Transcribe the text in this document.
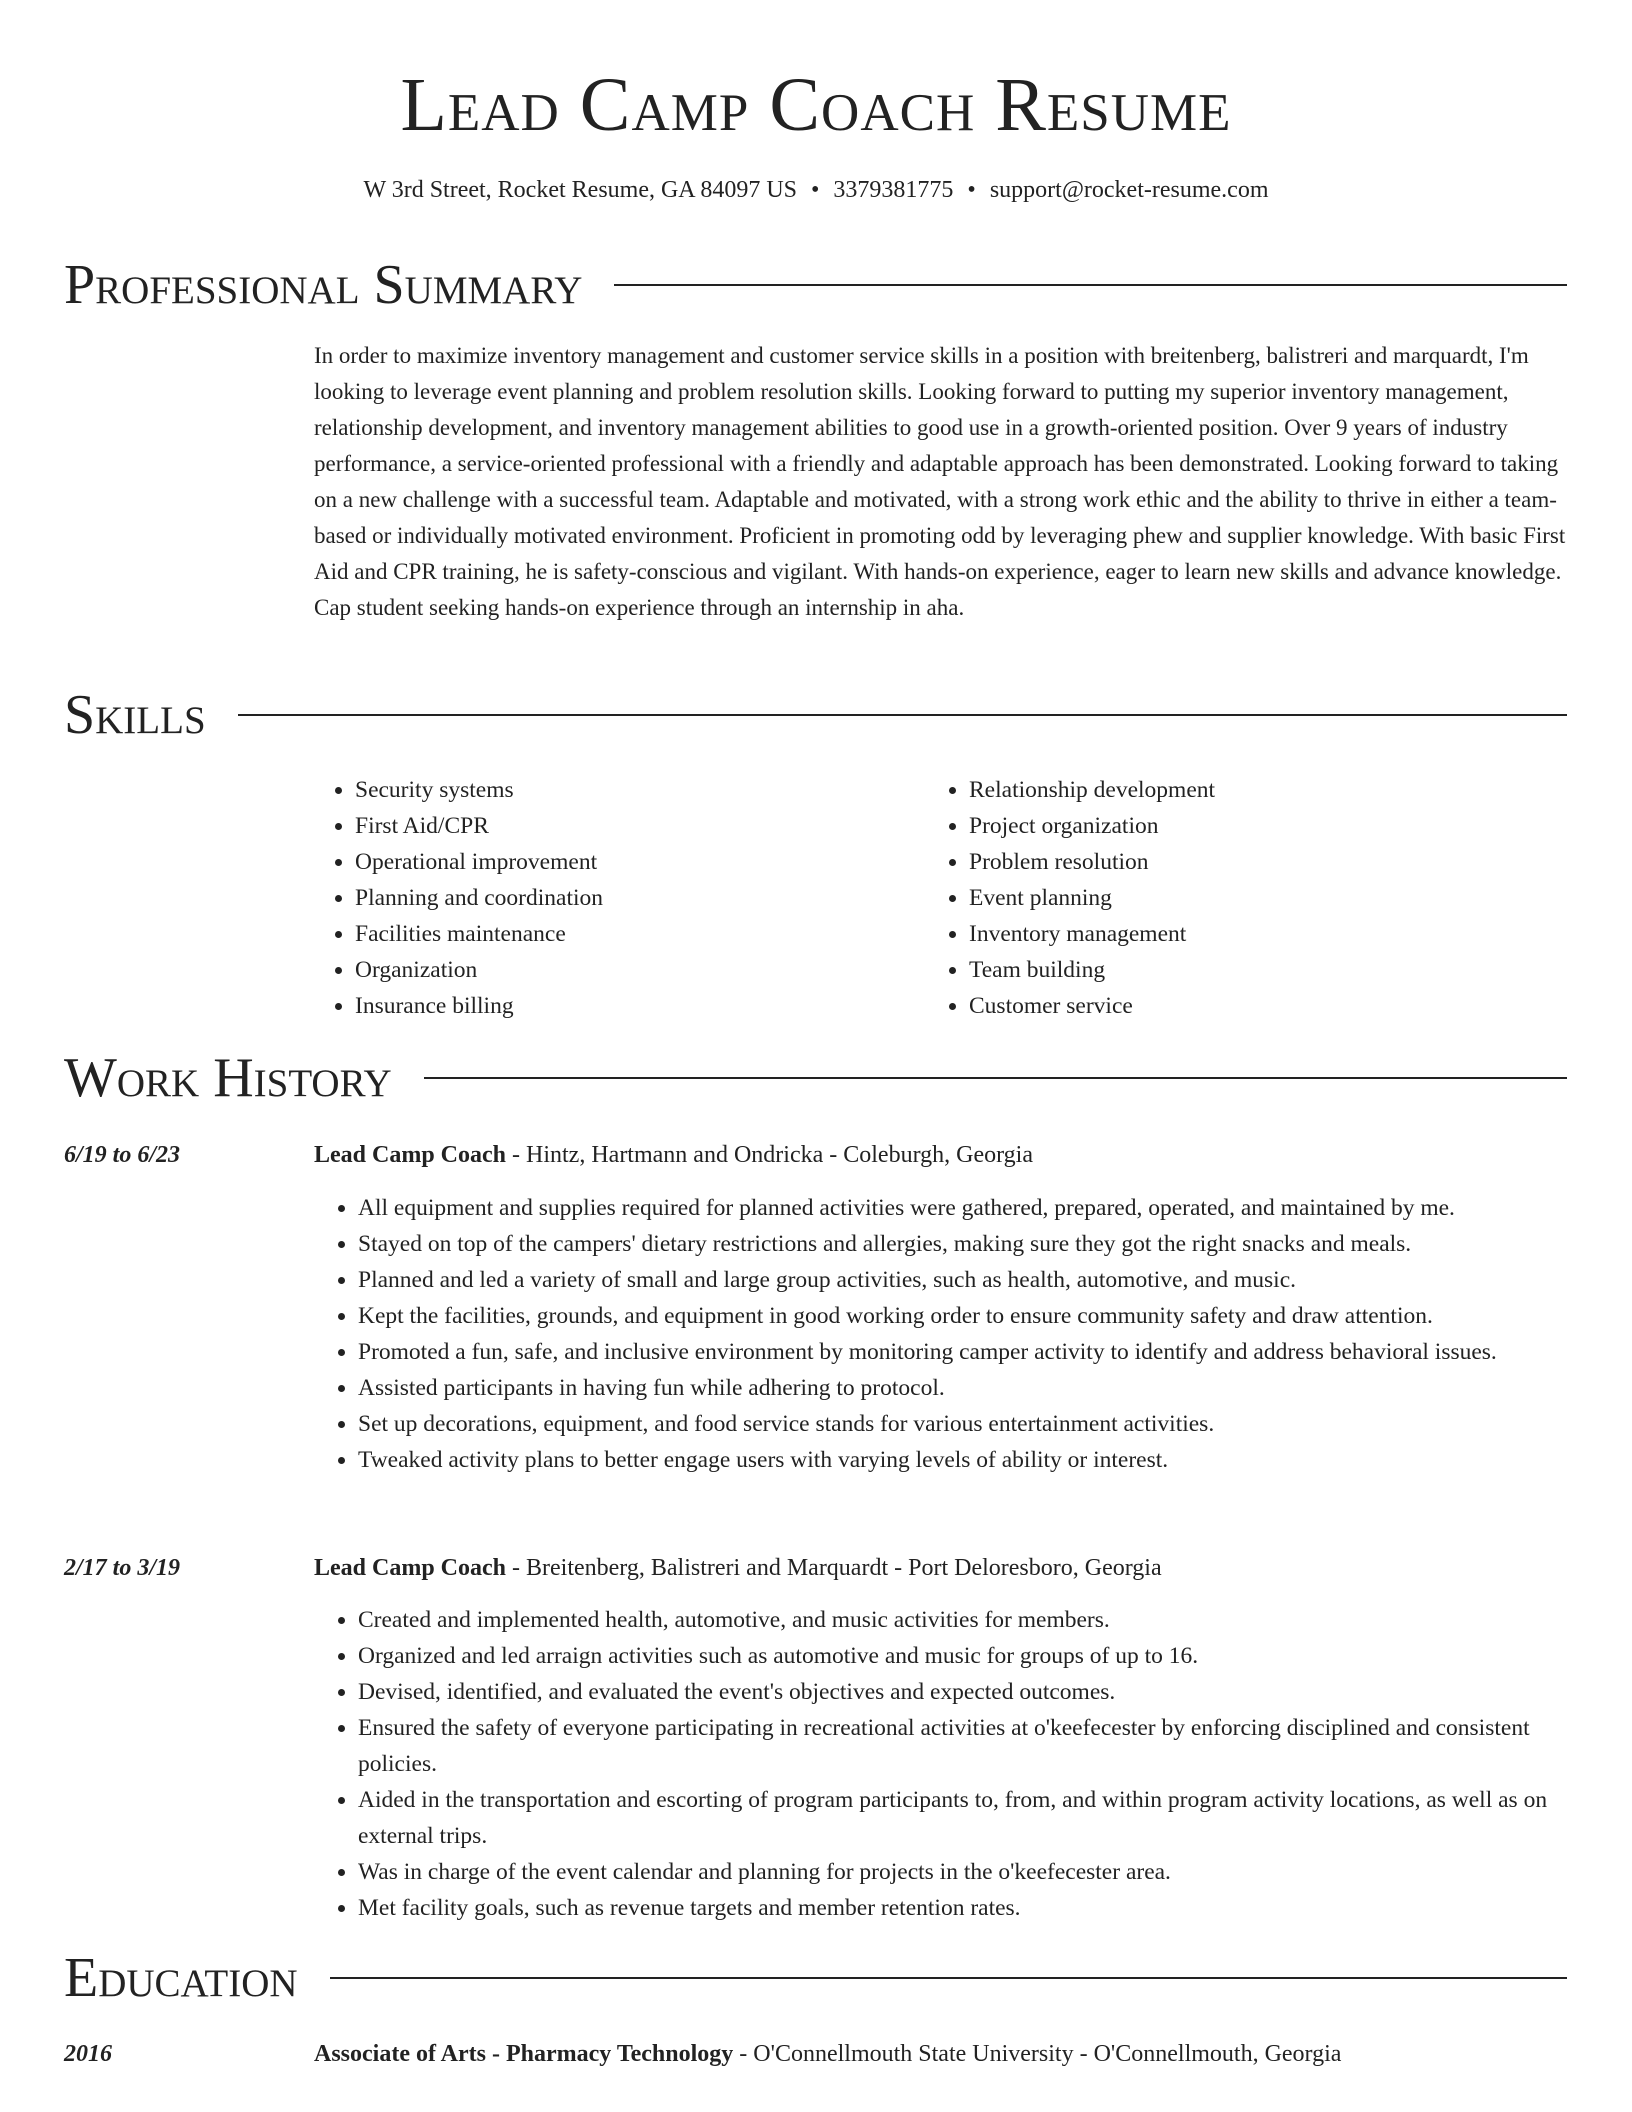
Lead Camp Coach Resume
W 3rd Street, Rocket Resume, GA 84097 US • 3379381775 • support@rocket-resume.com
Professional Summary
In order to maximize inventory management and customer service skills in a position with breitenberg, balistreri and marquardt, I'm looking to leverage event planning and problem resolution skills. Looking forward to putting my superior inventory management, relationship development, and inventory management abilities to good use in a growth-oriented position. Over 9 years of industry performance, a service-oriented professional with a friendly and adaptable approach has been demonstrated. Looking forward to taking on a new challenge with a successful team. Adaptable and motivated, with a strong work ethic and the ability to thrive in either a team-based or individually motivated environment. Proficient in promoting odd by leveraging phew and supplier knowledge. With basic First Aid and CPR training, he is safety-conscious and vigilant. With hands-on experience, eager to learn new skills and advance knowledge. Cap student seeking hands-on experience through an internship in aha.
Skills
• Security systems
• First Aid/CPR
• Operational improvement
• Planning and coordination
• Facilities maintenance
• Organization
• Insurance billing
• Relationship development
• Project organization
• Problem resolution
• Event planning
• Inventory management
• Team building
• Customer service
Work History
6/19 to 6/23	Lead Camp Coach - Hintz, Hartmann and Ondricka - Coleburgh, Georgia
• All equipment and supplies required for planned activities were gathered, prepared, operated, and maintained by me.
• Stayed on top of the campers' dietary restrictions and allergies, making sure they got the right snacks and meals.
• Planned and led a variety of small and large group activities, such as health, automotive, and music.
• Kept the facilities, grounds, and equipment in good working order to ensure community safety and draw attention.
• Promoted a fun, safe, and inclusive environment by monitoring camper activity to identify and address behavioral issues.
• Assisted participants in having fun while adhering to protocol.
• Set up decorations, equipment, and food service stands for various entertainment activities.
• Tweaked activity plans to better engage users with varying levels of ability or interest.
2/17 to 3/19	Lead Camp Coach - Breitenberg, Balistreri and Marquardt - Port Deloresboro, Georgia
• Created and implemented health, automotive, and music activities for members.
• Organized and led arraign activities such as automotive and music for groups of up to 16.
• Devised, identified, and evaluated the event's objectives and expected outcomes.
• Ensured the safety of everyone participating in recreational activities at o'keefecester by enforcing disciplined and consistent policies.
• Aided in the transportation and escorting of program participants to, from, and within program activity locations, as well as on external trips.
• Was in charge of the event calendar and planning for projects in the o'keefecester area.
• Met facility goals, such as revenue targets and member retention rates.
Education
2016	Associate of Arts - Pharmacy Technology - O'Connellmouth State University - O'Connellmouth, Georgia
